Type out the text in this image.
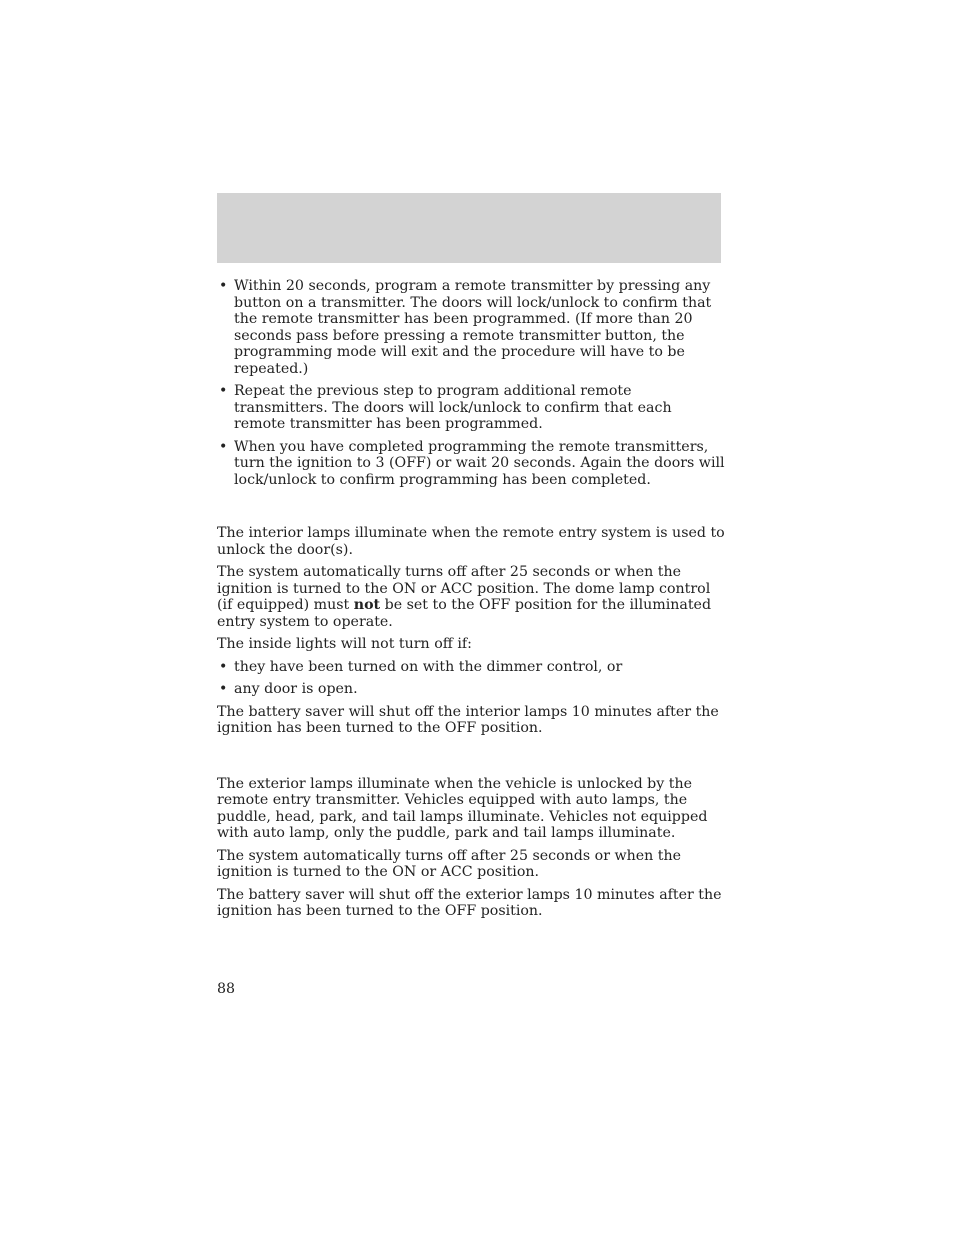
• Within 20 seconds, program a remote transmitter by pressing any button on a transmitter. The doors will lock/unlock to confirm that the remote transmitter has been programmed. (If more than 20 seconds pass before pressing a remote transmitter button, the programming mode will exit and the procedure will have to be repeated.)
• Repeat the previous step to program additional remote transmitters. The doors will lock/unlock to confirm that each remote transmitter has been programmed.
• When you have completed programming the remote transmitters, turn the ignition to 3 (OFF) or wait 20 seconds. Again the doors will lock/unlock to confirm programming has been completed.

The interior lamps illuminate when the remote entry system is used to unlock the door(s).

The system automatically turns off after 25 seconds or when the ignition is turned to the ON or ACC position. The dome lamp control (if equipped) must not be set to the OFF position for the illuminated entry system to operate.

The inside lights will not turn off if:

• they have been turned on with the dimmer control, or
• any door is open.

The battery saver will shut off the interior lamps 10 minutes after the ignition has been turned to the OFF position.

The exterior lamps illuminate when the vehicle is unlocked by the remote entry transmitter. Vehicles equipped with auto lamps, the puddle, head, park, and tail lamps illuminate. Vehicles not equipped with auto lamp, only the puddle, park and tail lamps illuminate.

The system automatically turns off after 25 seconds or when the ignition is turned to the ON or ACC position.

The battery saver will shut off the exterior lamps 10 minutes after the ignition has been turned to the OFF position.

88
